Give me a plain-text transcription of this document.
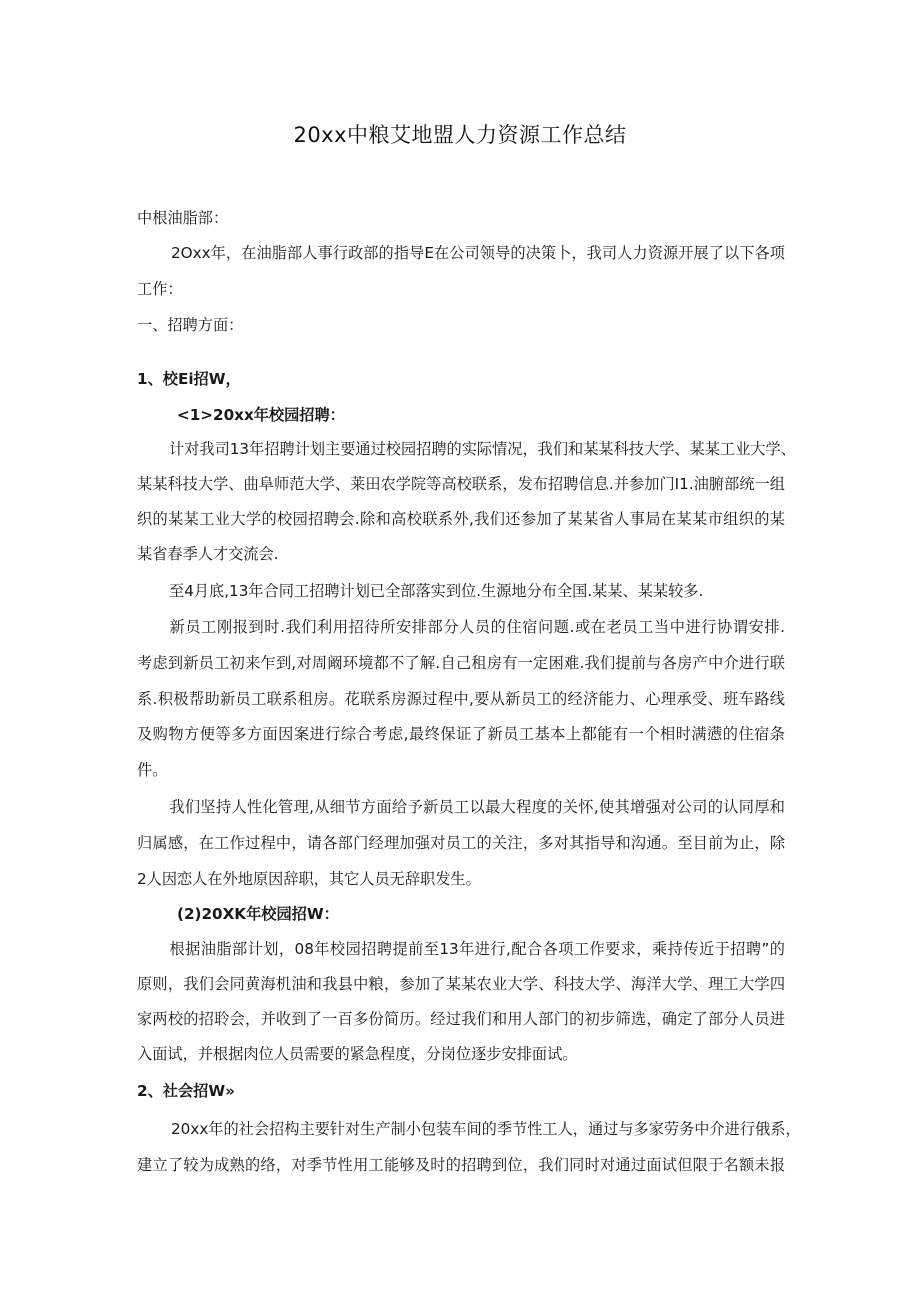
20xx中粮艾地盟人力资源工作总结
中根油脂部：
2Oxx年，在油脂部人事行政部的指导E在公司领导的决策卜，我司人力资源开展了以下各项
工作：
一、招聘方面：
1、校Ei招W，
<1>20xx年校园招聘：
计对我司13年招聘计划主要通过校园招聘的实际情况，我们和某某科技大学、某某工业大学、
某某科技大学、曲阜师范大学、莱田农学院等高校联系，发布招聘信息.并参加门I1.油腑部统一组
织的某某工业大学的校园招聘会.除和高校联系外,我们还参加了某某省人事局在某某市组织的某
某省春季人才交流会.
至4月底,13年合同工招聘计划已全部落实到位.生源地分布全国.某某、某某较多.
新员工刚报到时.我们利用招待所安排部分人员的住宿问题.或在老员工当中进行协谓安排.
考虑到新员工初来乍到,对周阚环境都不了解.自己租房有一定困难.我们提前与各房产中介进行联
系.积极帮助新员工联系租房。花联系房源过程中,要从新员工的经济能力、心理承受、班车路线
及购物方便等多方面因案进行综合考虑,最终保证了新员工基本上都能有一个相时满懑的住宿条
件。
我们坚持人性化管理,从细节方面给予新员工以最大程度的关怀,使其增强对公司的认同厚和
归属感，在工作过程中，请各部门经理加强对员工的关注，多对其指导和沟通。至目前为止，除
2人因恋人在外地原因辞职，其它人员无辞职发生。
(2)20XK年校园招W：
根据油脂部计划，08年校园招聘提前至13年进行,配合各项工作要求，乘持传近于招聘”的
原则，我们会同黄海机油和我县中粮，参加了某某农业大学、科技大学、海洋大学、理工大学四
家两校的招聆会，并收到了一百多份简历。经过我们和用人部门的初步筛选，确定了部分人员进
入面试，并根据肉位人员需要的紧急程度，分岗位逐步安排面试。
2、社会招W»
20xx年的社会招构主要针对生产制小包装车间的季节性工人，通过与多家劳务中介进行俄系，
建立了较为成熟的络，对季节性用工能够及时的招聘到位，我们同时对通过面试但限于名额未报
